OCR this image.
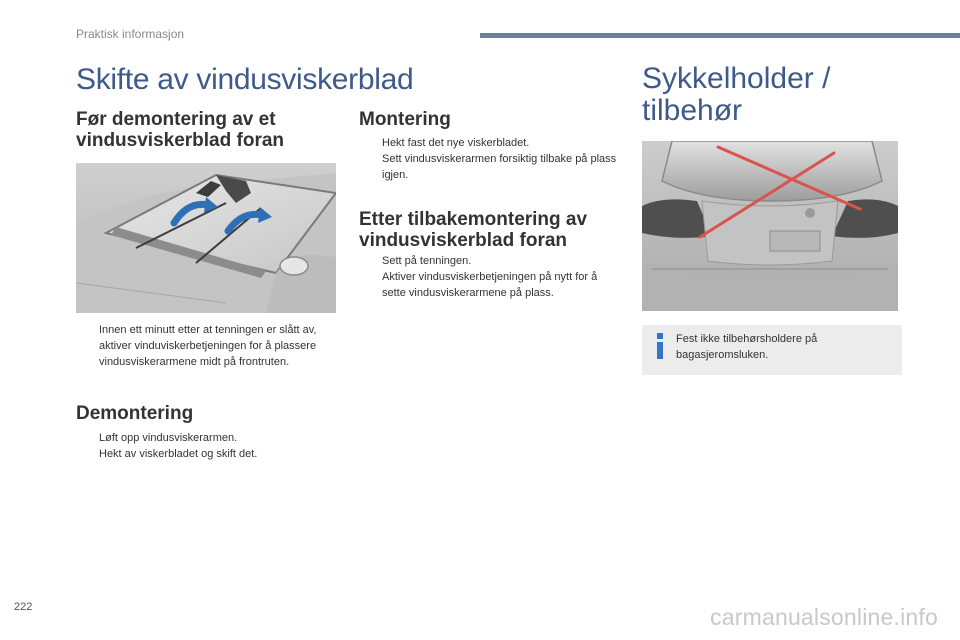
Praktisk informasjon
Skifte av vindusviskerblad
Før demontering av et vindusviskerblad foran
Innen ett minutt etter at tenningen er slått av, aktiver vinduviskerbetjeningen for å plassere vindusviskerarmene midt på frontruten.
Demontering
Løft opp vindusviskerarmen.
Hekt av viskerbladet og skift det.
Montering
Hekt fast det nye viskerbladet.
Sett vindusviskerarmen forsiktig tilbake på plass igjen.
Etter tilbakemontering av vindusviskerblad foran
Sett på tenningen.
Aktiver vindusviskerbetjeningen på nytt for å sette vindusviskerarmene på plass.
Sykkelholder / tilbehør
Fest ikke tilbehørsholdere på bagasjeromsluken.
222	carmanualsonline.info
